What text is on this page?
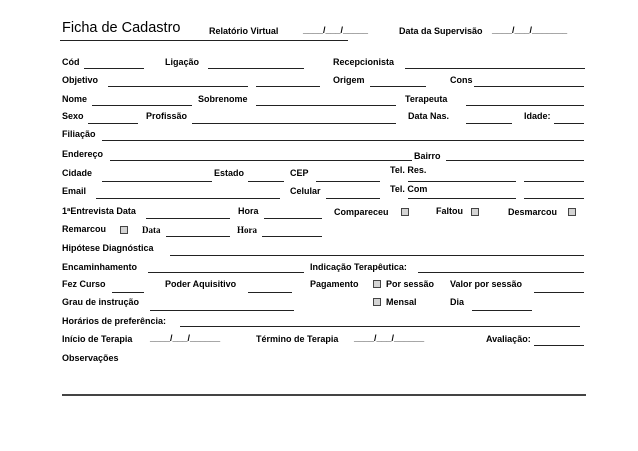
Ficha de Cadastro	Relatório Virtual	____/___/_____	Data da Supervisão ____/___/_______
Cód	Ligação	Recepcionista
Objetivo	Origem	Cons
Nome	Sobrenome	Terapeuta
Sexo	Profissão	Data Nas.	Idade:
Filiação
Endereço	Bairro
Cidade	Estado	CEP	Tel. Res.
Email	Celular	Tel. Com
1ªEntrevista Data	Hora	Compareceu	Faltou	Desmarcou
Remarcou	Data	Hora
Hipótese Diagnóstica
Encaminhamento	Indicação Terapêutica:
Fez Curso	Poder Aquisitivo	Pagamento	Por sessão Valor por sessão
Grau de instrução	Mensal	Dia
Horários de preferência:
Início de Terapia ____/___/______	Término de Terapia ____/___/______	Avaliação:
Observações
